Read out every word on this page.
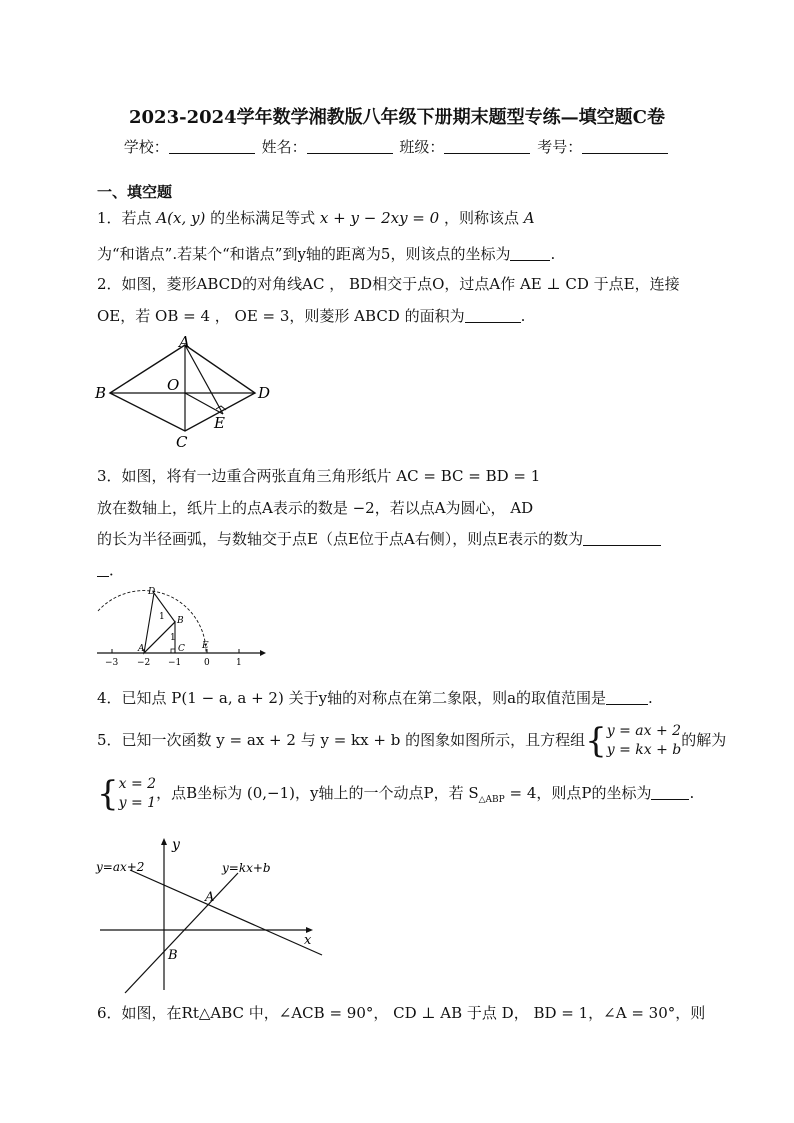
2023-2024学年数学湘教版八年级下册期末题型专练—填空题C卷
学校：	姓名：	班级：	考号：
一、填空题
1．若点 A(x, y) 的坐标满足等式 x + y − 2xy = 0 ，则称该点 A
为“和谐点”.若某个“和谐点”到y轴的距离为5，则该点的坐标为	.
2．如图，菱形ABCD的对角线AC ， BD相交于点O，过点A作 AE ⊥ CD 于点E，连接
OE，若 OB = 4 ， OE = 3，则菱形 ABCD 的面积为	.
A
B	D
C
O
E
3．如图，将有一边重合两张直角三角形纸片 AC = BC = BD = 1
放在数轴上，纸片上的点A表示的数是 −2，若以点A为圆心， AD
的长为半径画弧，与数轴交于点E（点E位于点A右侧），则点E表示的数为
．
−3 −2 −1	0	1
D
B
A	C E
1
1
4．已知点 P(1 − a, a + 2) 关于y轴的对称点在第二象限，则a的取值范围是	.
5．已知一次函数 y = ax + 2 与 y = kx + b 的图象如图所示，且方程组{y = ax + 2
y = kx + b的解为
{x = 2
y = 1，点B坐标为 (0,−1)，y轴上的一个动点P，若 $S_{\triangle ABP} = 4$，则点P的坐标为	.
y
x
y=ax+2	y=kx+b
A
B
6．如图，在Rt△ABC 中，∠ACB = 90°， CD ⊥ AB 于点 D， BD = 1，∠A = 30°，则
